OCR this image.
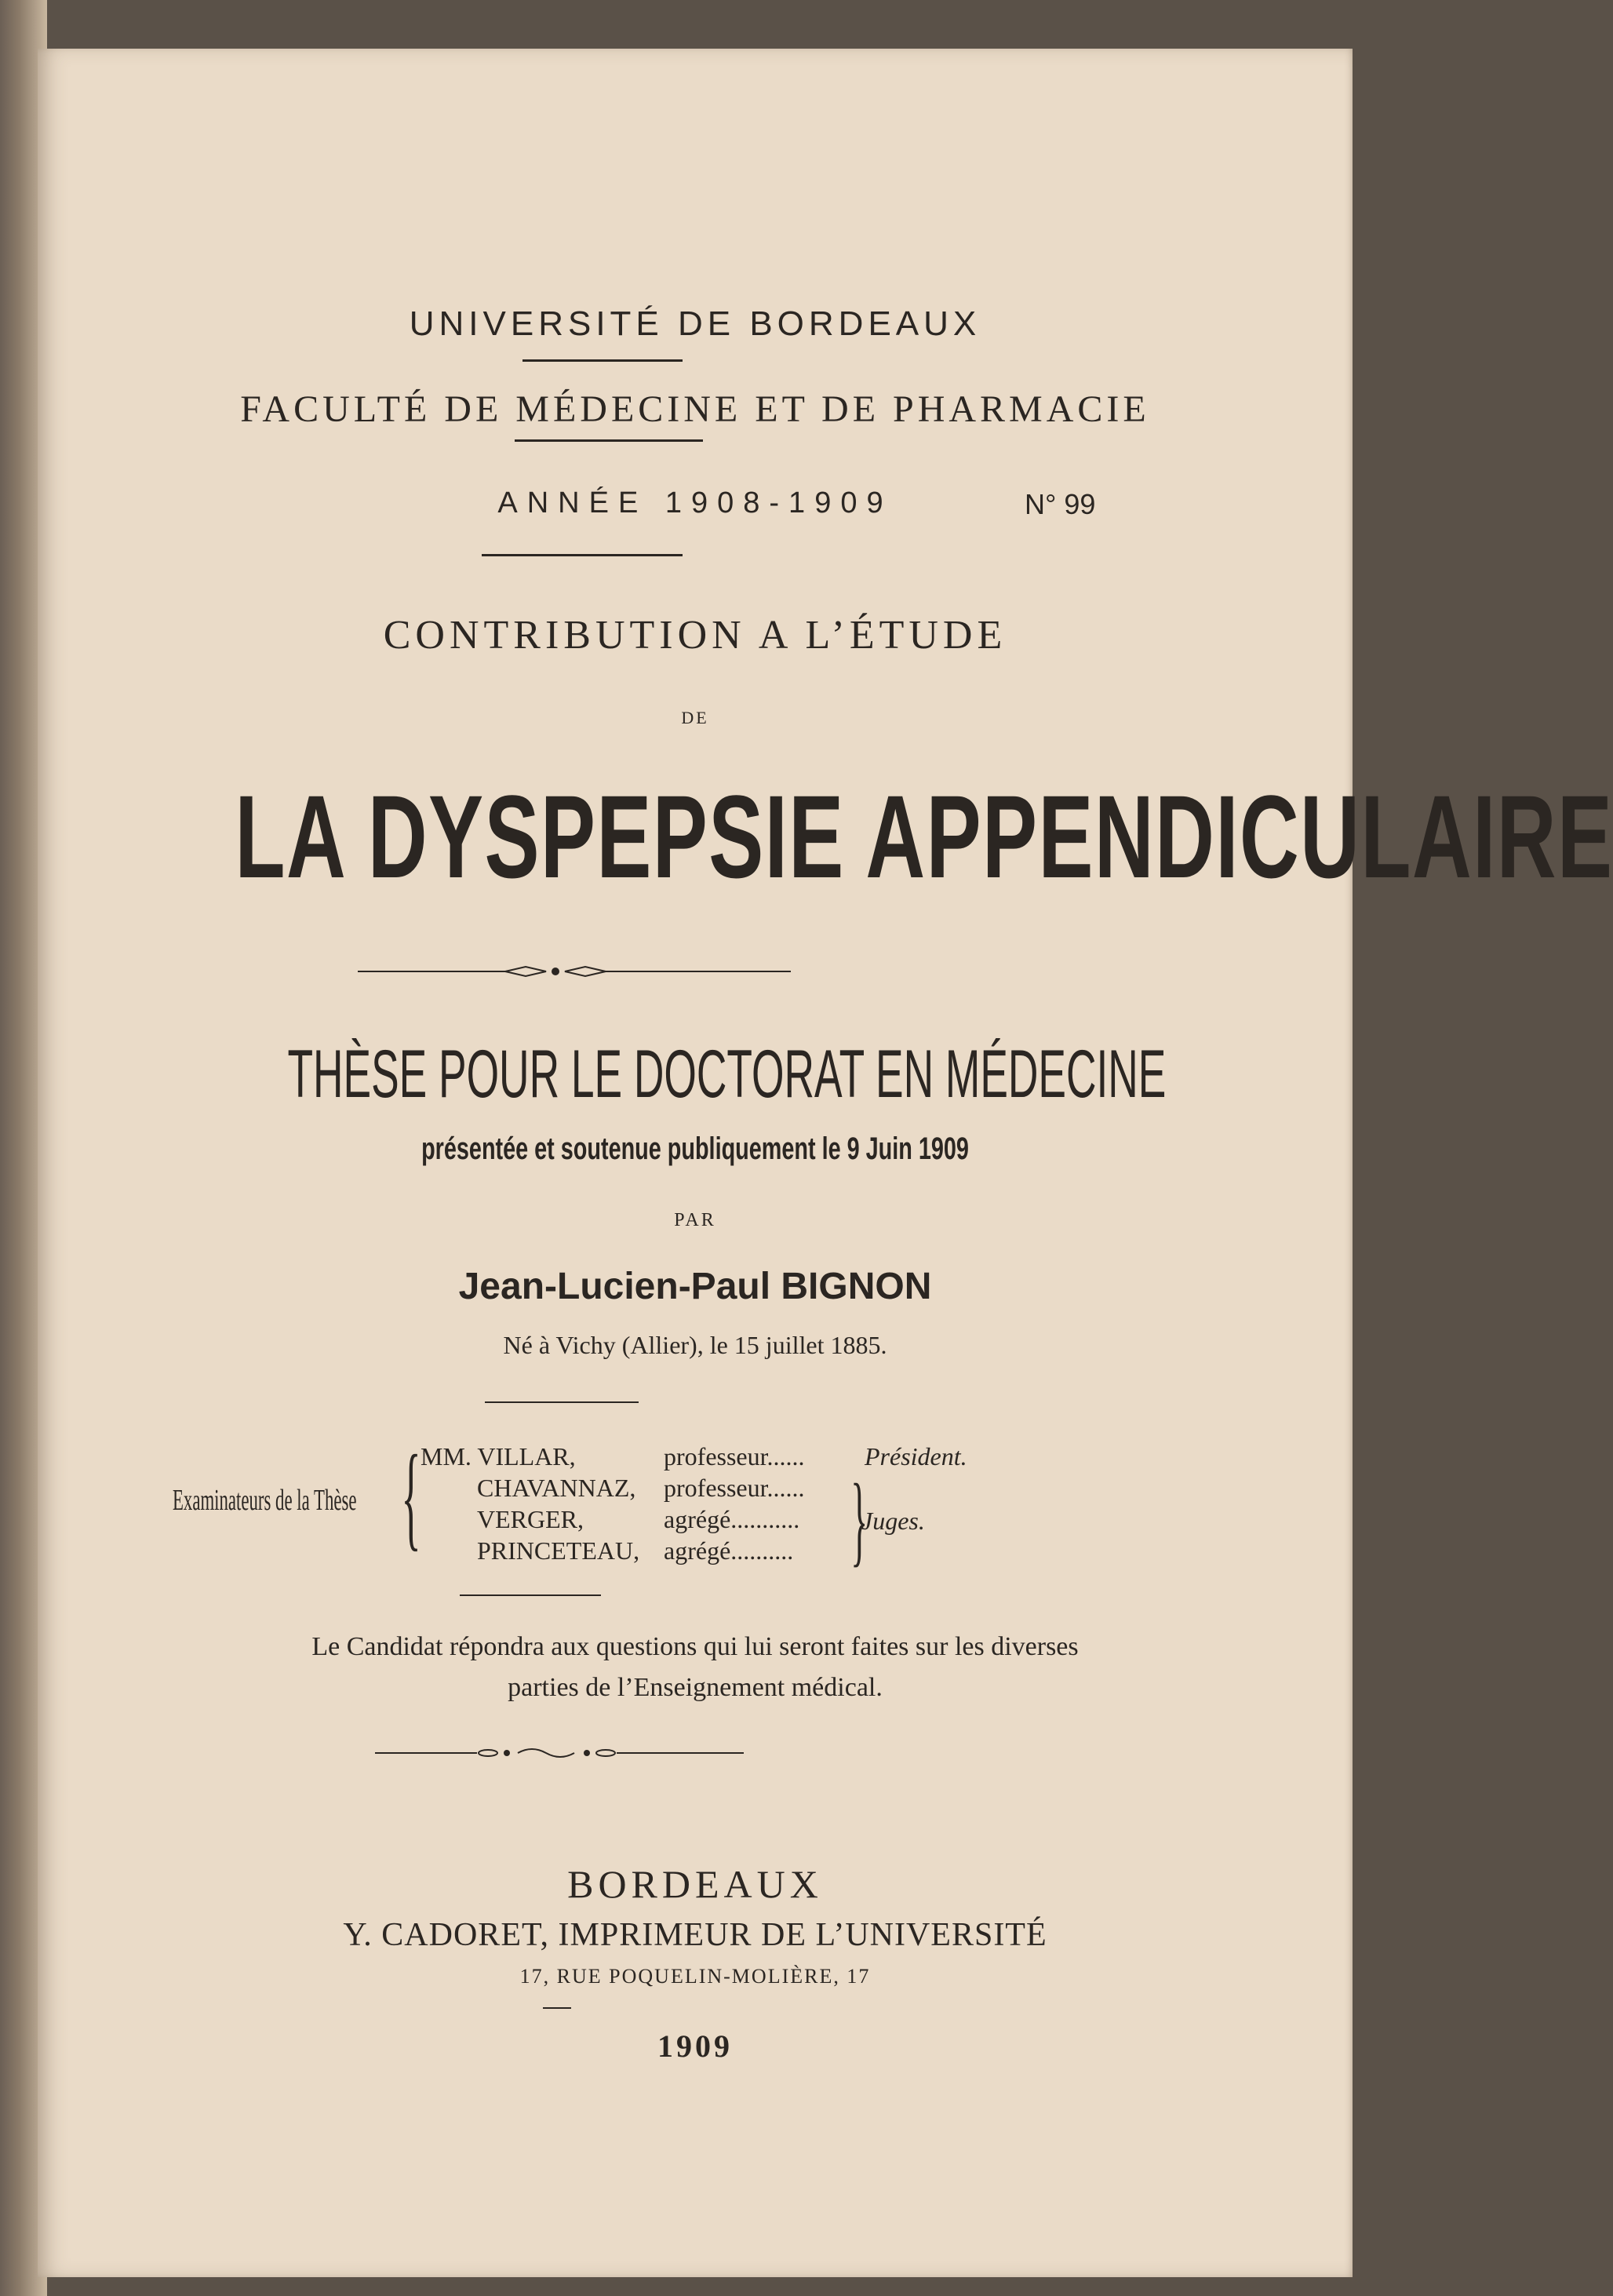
UNIVERSITÉ DE BORDEAUX
FACULTÉ DE MÉDECINE ET DE PHARMACIE
ANNÉE 1908-1909	N° 99
CONTRIBUTION A L’ÉTUDE
DE
LA DYSPEPSIE APPENDICULAIRE
THÈSE POUR LE DOCTORAT EN MÉDECINE
présentée et soutenue publiquement le 9 Juin 1909
PAR
Jean-Lucien-Paul BIGNON
Né à Vichy (Allier), le 15 juillet 1885.
Examinateurs de la Thèse { MM. VILLAR,	professeur...... Président.
CHAVANNAZ, professeur......
VERGER,	agrégé...........
PRINCETEAU, agrégé.......... }
Juges.
Le Candidat répondra aux questions qui lui seront faites sur les diverses
parties de l’Enseignement médical.
BORDEAUX
Y. CADORET, IMPRIMEUR DE L’UNIVERSITÉ
17, RUE POQUELIN-MOLIÈRE, 17
1909
